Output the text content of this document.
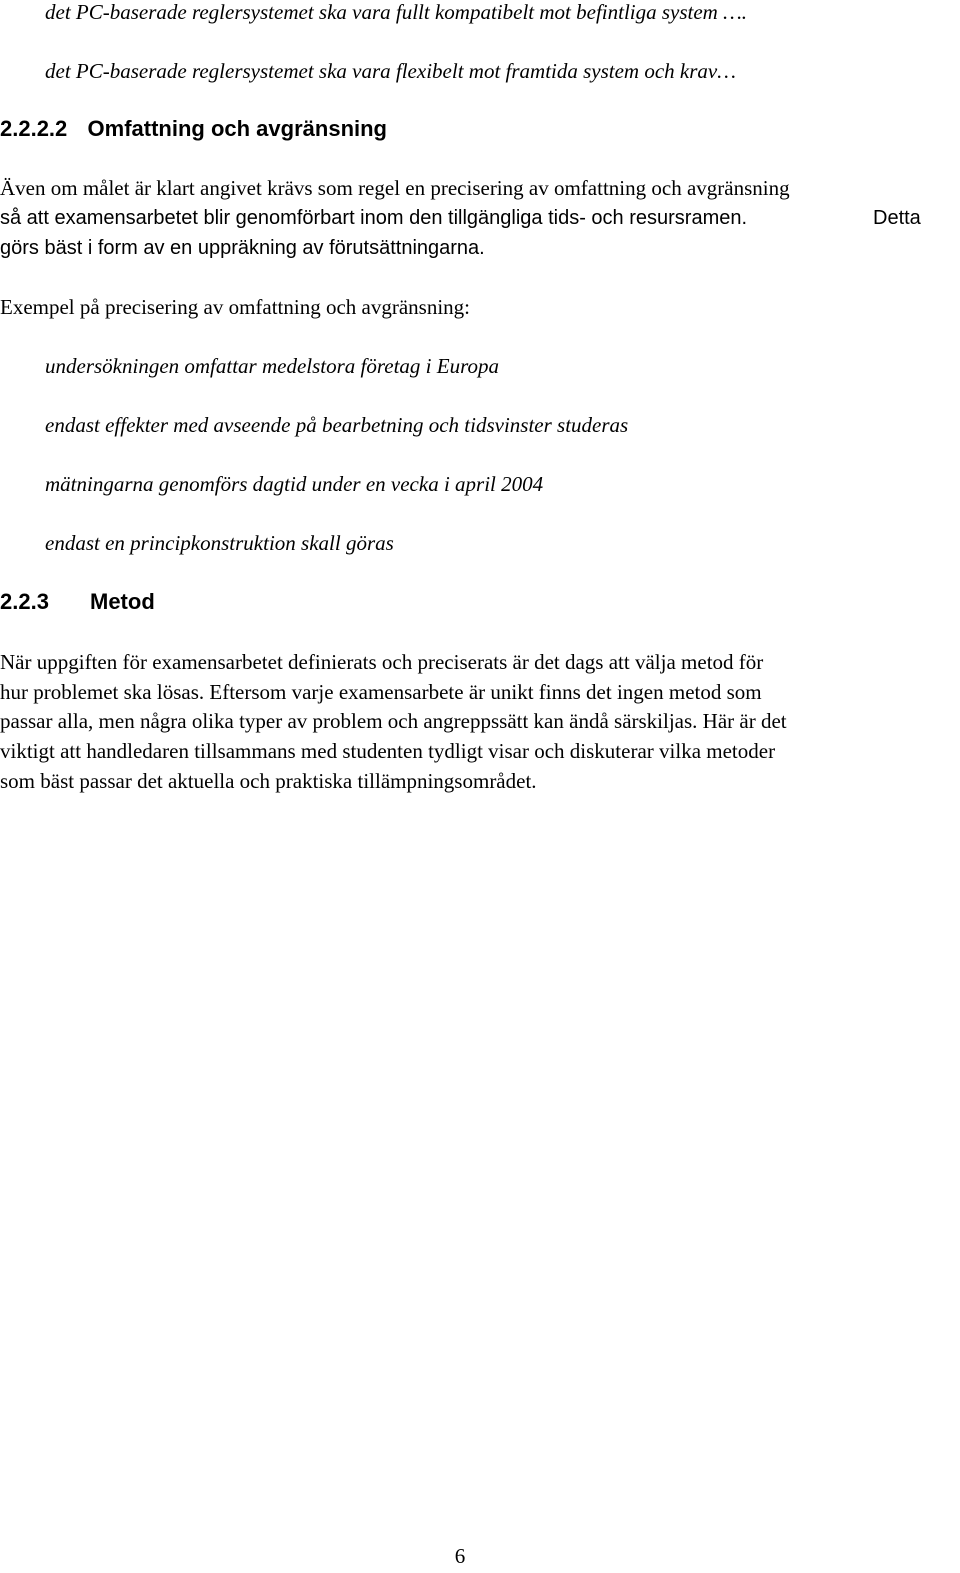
det PC-baserade reglersystemet ska vara fullt kompatibelt mot befintliga system ….
det PC-baserade reglersystemet ska vara flexibelt mot framtida system och krav…
2.2.2.2 Omfattning och avgränsning
Även om målet är klart angivet krävs som regel en precisering av omfattning och avgränsning
så att examensarbetet blir genomförbart inom den tillgängliga tids- och resursramen.	Detta
görs bäst i form av en uppräkning av förutsättningarna.
Exempel på precisering av omfattning och avgränsning:
undersökningen omfattar medelstora företag i Europa
endast effekter med avseende på bearbetning och tidsvinster studeras
mätningarna genomförs dagtid under en vecka i april 2004
endast en principkonstruktion skall göras
2.2.3 Metod
När uppgiften för examensarbetet definierats och preciserats är det dags att välja metod för
hur problemet ska lösas. Eftersom varje examensarbete är unikt finns det ingen metod som
passar alla, men några olika typer av problem och angreppssätt kan ändå särskiljas. Här är det
viktigt att handledaren tillsammans med studenten tydligt visar och diskuterar vilka metoder
som bäst passar det aktuella och praktiska tillämpningsområdet.
6
